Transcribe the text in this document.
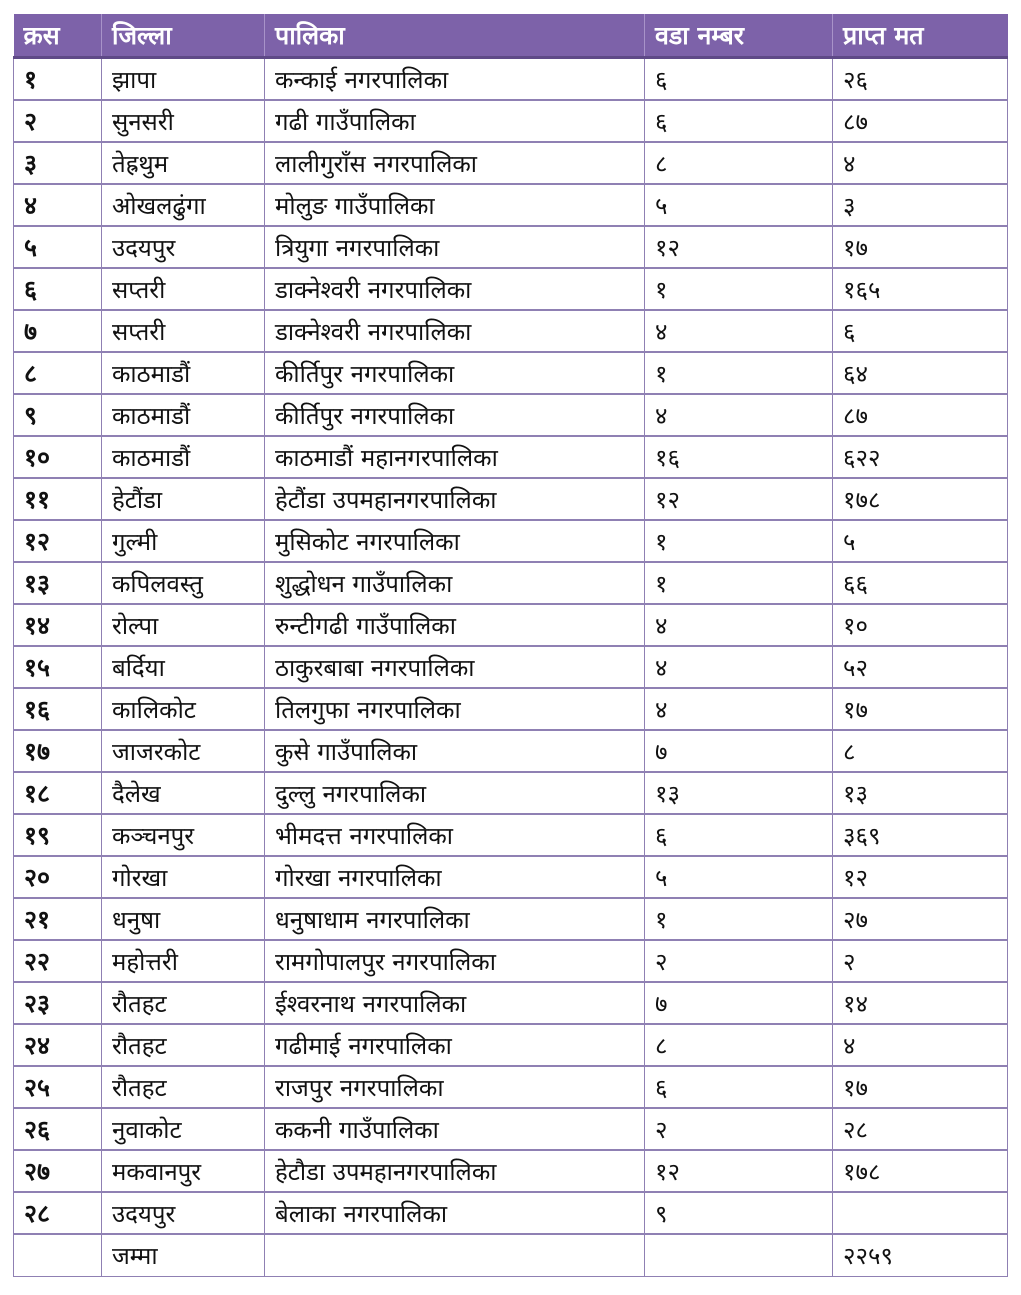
क्रस	जिल्ला	पालिका	वडा नम्बर	प्राप्त मत
१	झापा	कन्काई नगरपालिका	६	२६
२	सुनसरी	गढी गाउँपालिका	६	८७
३	तेह्रथुम	लालीगुराँस नगरपालिका	८	४
४	ओखलढुंगा	मोलुङ गाउँपालिका	५	३
५	उदयपुर	त्रियुगा नगरपालिका	१२	१७
६	सप्तरी	डाक्नेश्वरी नगरपालिका	१	१६५
७	सप्तरी	डाक्नेश्वरी नगरपालिका	४	६
८	काठमाडौं	कीर्तिपुर नगरपालिका	१	६४
९	काठमाडौं	कीर्तिपुर नगरपालिका	४	८७
१०	काठमाडौं	काठमाडौं महानगरपालिका	१६	६२२
११	हेटौंडा	हेटौंडा उपमहानगरपालिका	१२	१७८
१२	गुल्मी	मुसिकोट नगरपालिका	१	५
१३	कपिलवस्तु	शुद्धोधन गाउँपालिका	१	६६
१४	रोल्पा	रुन्टीगढी गाउँपालिका	४	१०
१५	बर्दिया	ठाकुरबाबा नगरपालिका	४	५२
१६	कालिकोट	तिलगुफा नगरपालिका	४	१७
१७	जाजरकोट	कुसे गाउँपालिका	७	८
१८	दैलेख	दुल्लु नगरपालिका	१३	१३
१९	कञ्चनपुर	भीमदत्त नगरपालिका	६	३६९
२०	गोरखा	गोरखा नगरपालिका	५	१२
२१	धनुषा	धनुषाधाम नगरपालिका	१	२७
२२	महोत्तरी	रामगोपालपुर नगरपालिका	२	२
२३	रौतहट	ईश्वरनाथ नगरपालिका	७	१४
२४	रौतहट	गढीमाई नगरपालिका	८	४
२५	रौतहट	राजपुर नगरपालिका	६	१७
२६	नुवाकोट	ककनी गाउँपालिका	२	२८
२७	मकवानपुर	हेटौडा उपमहानगरपालिका	१२	१७८
२८	उदयपुर	बेलाका नगरपालिका	९	
	जम्मा			२२५९
